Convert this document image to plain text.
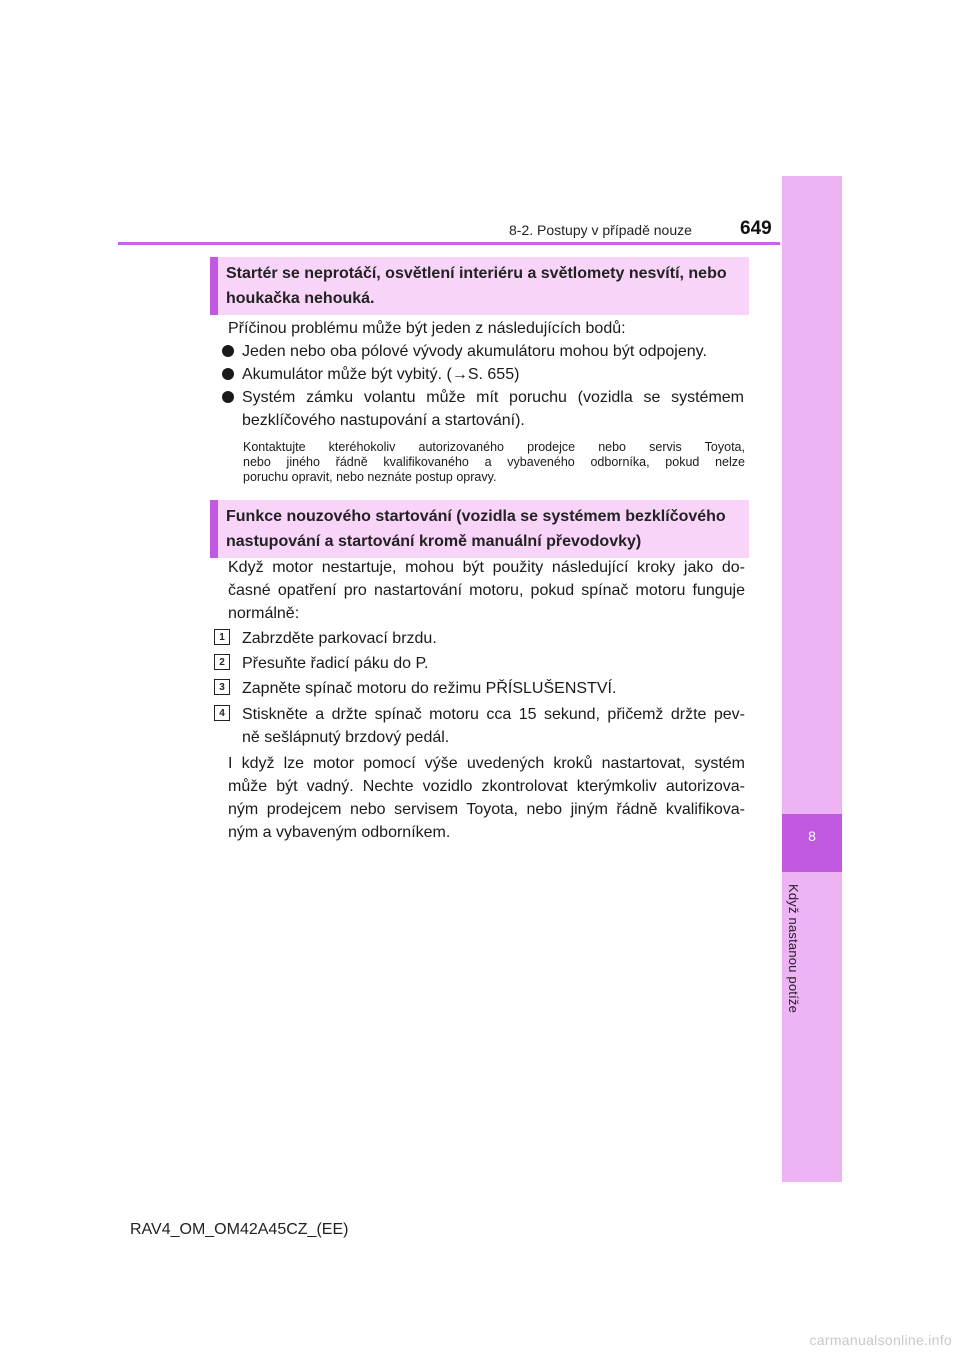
8-2. Postupy v případě nouze	649
8
Když nastanou potíže
Startér se neprotáčí, osvětlení interiéru a světlomety nesvítí, nebo
houkačka nehouká.
Příčinou problému může být jeden z následujících bodů:
Jeden nebo oba pólové vývody akumulátoru mohou být odpojeny.
Akumulátor může být vybitý. (→S. 655)
Systém zámku volantu může mít poruchu (vozidla se systémem
bezklíčového nastupování a startování).
Kontaktujte kteréhokoliv autorizovaného prodejce nebo servis Toyota,
nebo jiného řádně kvalifikovaného a vybaveného odborníka, pokud nelze
poruchu opravit, nebo neznáte postup opravy.
Funkce nouzového startování (vozidla se systémem bezklíčového
nastupování a startování kromě manuální převodovky)
Když motor nestartuje, mohou být použity následující kroky jako do-
časné opatření pro nastartování motoru, pokud spínač motoru funguje
normálně:
1	Zabrzděte parkovací brzdu.
2	Přesuňte řadicí páku do P.
3	Zapněte spínač motoru do režimu PŘÍSLUŠENSTVÍ.
4	Stiskněte a držte spínač motoru cca 15 sekund, přičemž držte pev-
ně sešlápnutý brzdový pedál.
I když lze motor pomocí výše uvedených kroků nastartovat, systém
může být vadný. Nechte vozidlo zkontrolovat kterýmkoliv autorizova-
ným prodejcem nebo servisem Toyota, nebo jiným řádně kvalifikova-
ným a vybaveným odborníkem.
RAV4_OM_OM42A45CZ_(EE)
carmanualsonline.info
